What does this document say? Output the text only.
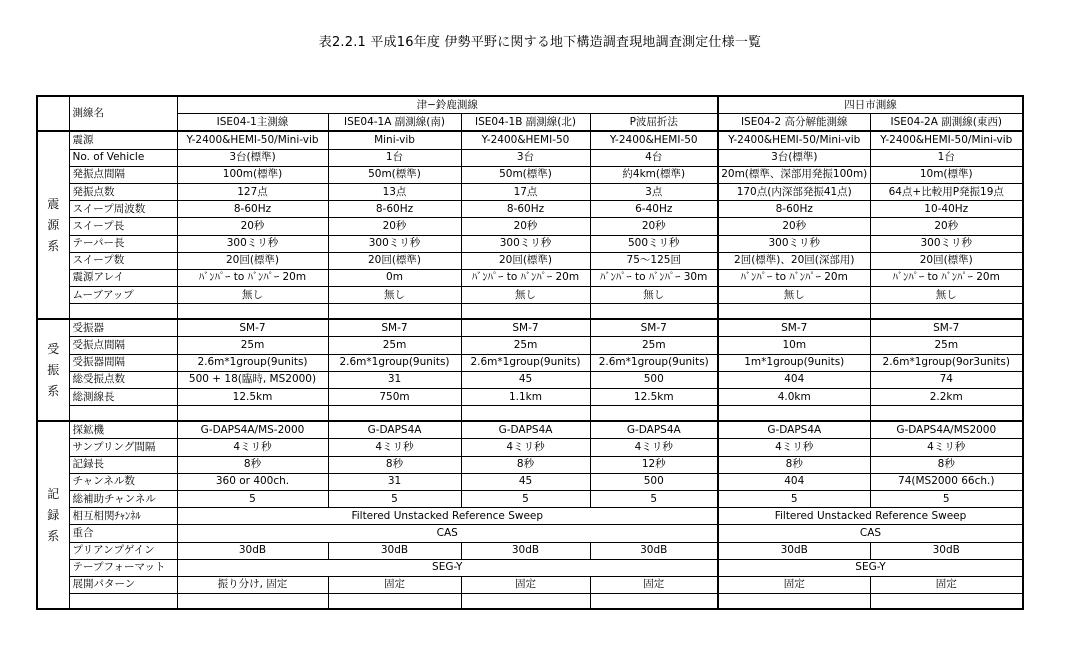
表2.2.1 平成16年度 伊勢平野に関する地下構造調査現地調査測定仕様一覧
	測線名	津−鈴鹿測線				四日市測線	
		ISE04-1主測線	ISE04-1A 副測線(南)	ISE04-1B 副測線(北)	P波屈折法	ISE04-2 高分解能測線	ISE04-2A 副測線(東西)

震源系	震源	Y-2400&HEMI-50/Mini-vib	Mini-vib	Y-2400&HEMI-50	Y-2400&HEMI-50	Y-2400&HEMI-50/Mini-vib	Y-2400&HEMI-50/Mini-vib
	No. of Vehicle	3台(標準)	1台	3台	4台	3台(標準)	1台
	発振点間隔	100m(標準)	50m(標準)	50m(標準)	約4km(標準)	20m(標準、深部用発振100m)	10m(標準)
	発振点数	127点	13点	17点	3点	170点(内深部発振41点)	64点+比較用P発振19点
	スイープ周波数	8-60Hz	8-60Hz	8-60Hz	6-40Hz	8-60Hz	10-40Hz
	スイープ長	20秒	20秒	20秒	20秒	20秒	20秒
	テーパー長	300ミリ秒	300ミリ秒	300ミリ秒	500ミリ秒	300ミリ秒	300ミリ秒
	スイープ数	20回(標準)	20回(標準)	20回(標準)	75〜125回	2回(標準)、20回(深部用)	20回(標準)
	震源アレイ	ﾊﾞﾝﾊﾟｰ to ﾊﾞﾝﾊﾟｰ 20m	0m	ﾊﾞﾝﾊﾟｰ to ﾊﾞﾝﾊﾟｰ 20m	ﾊﾞﾝﾊﾟｰ to ﾊﾞﾝﾊﾟｰ 30m	ﾊﾞﾝﾊﾟｰ to ﾊﾞﾝﾊﾟｰ 20m	ﾊﾞﾝﾊﾟｰ to ﾊﾞﾝﾊﾟｰ 20m
	ムーブアップ	無し	無し	無し	無し	無し	無し

受振系	受振器	SM-7	SM-7	SM-7	SM-7	SM-7	SM-7
	受振点間隔	25m	25m	25m	25m	10m	25m
	受振器間隔	2.6m*1group(9units)	2.6m*1group(9units)	2.6m*1group(9units)	2.6m*1group(9units)	1m*1group(9units)	2.6m*1group(9or3units)
	総受振点数	500 + 18(臨時, MS2000)	31	45	500	404	74
	総測線長	12.5km	750m	1.1km	12.5km	4.0km	2.2km

記録系	探鉱機	G-DAPS4A/MS-2000	G-DAPS4A	G-DAPS4A	G-DAPS4A	G-DAPS4A	G-DAPS4A/MS2000
	サンプリング間隔	4ミリ秒	4ミリ秒	4ミリ秒	4ミリ秒	4ミリ秒	4ミリ秒
	記録長	8秒	8秒	8秒	12秒	8秒	8秒
	チャンネル数	360 or 400ch.	31	45	500	404	74(MS2000 66ch.)
	総補助チャンネル	5	5	5	5	5	5
	相互相関ﾁｬﾝﾈﾙ	Filtered Unstacked Reference Sweep				Filtered Unstacked Reference Sweep	
	重合	CAS				CAS	
	プリアンプゲイン	30dB	30dB	30dB	30dB	30dB	30dB
	テープフォーマット	SEG-Y				SEG-Y	
	展開パターン	振り分け, 固定	固定	固定	固定	固定	固定
